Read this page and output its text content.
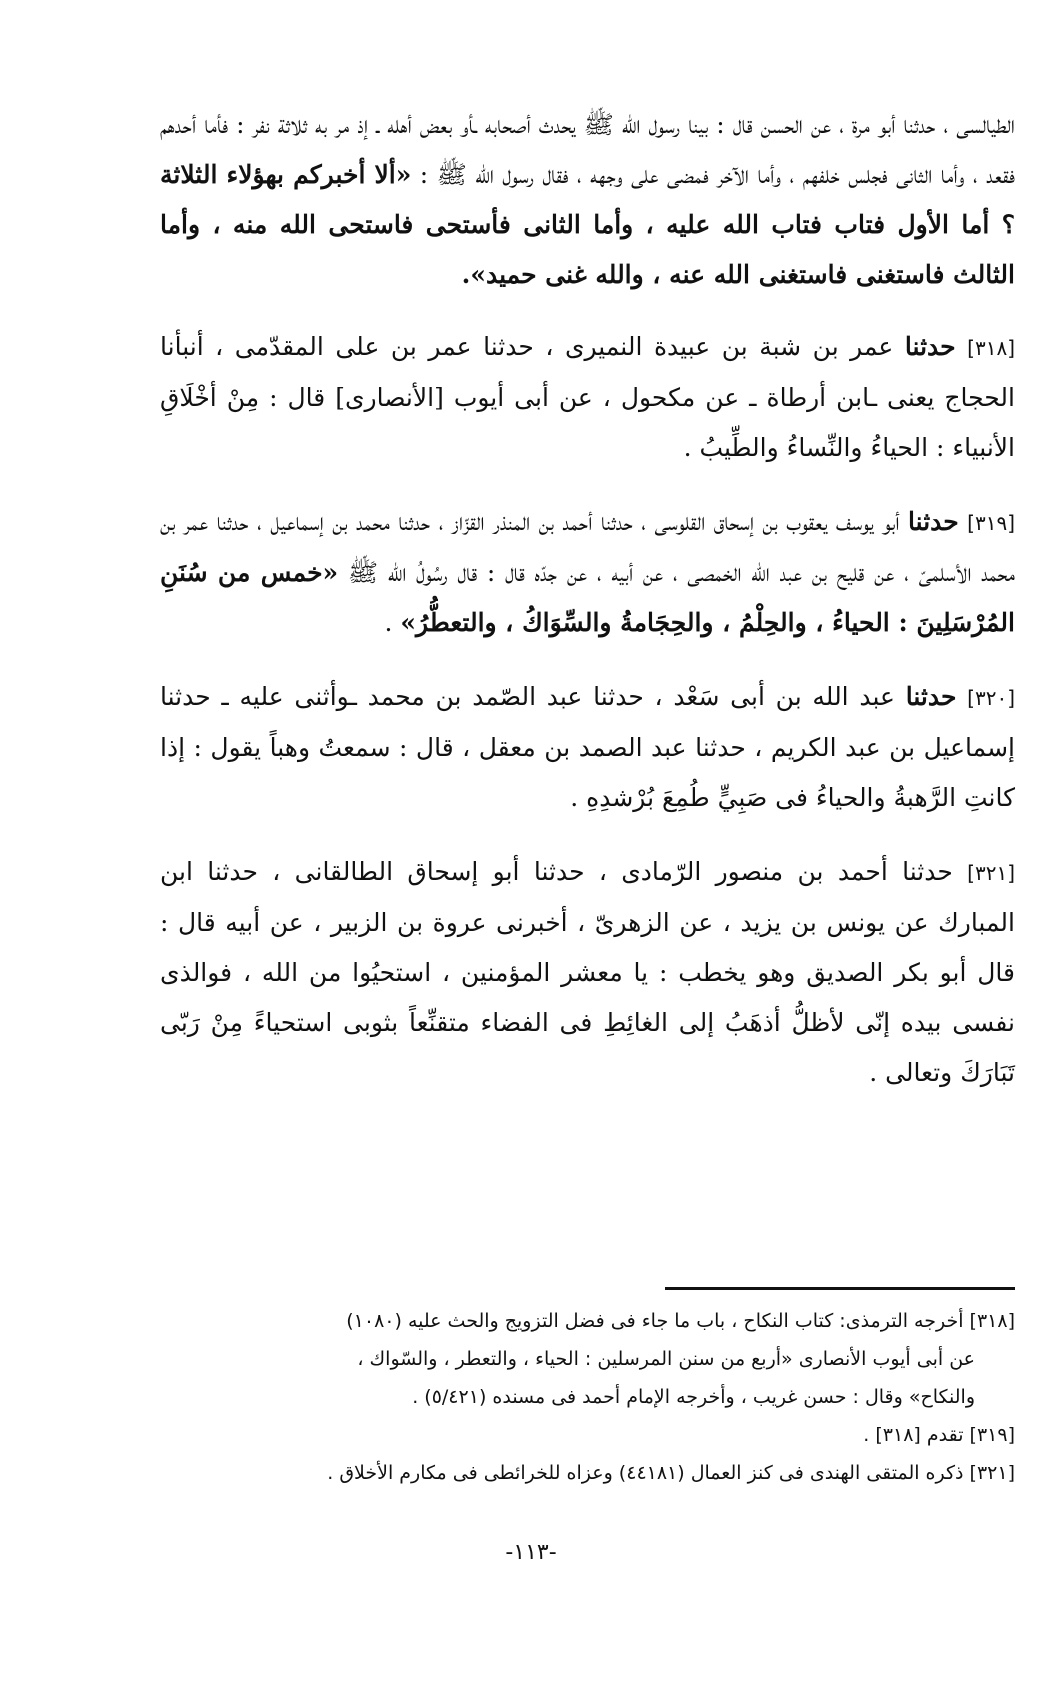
الطيالسى ، حدثنا أبو مرة ، عن الحسن قال : بينا رسول الله ﷺ يحدث أصحابه ـأو بعض أهله ـ إذ مر به ثلاثة نفر : فأما أحدهم فقعد ، وأما الثانى فجلس خلفهم ، وأما الآخر فمضى على وجهه ، فقال رسول الله ﷺ : «ألا أخبركم بهؤلاء الثلاثة ؟ أما الأول فتاب فتاب الله عليه ، وأما الثانى فأستحى فاستحى الله منه ، وأما الثالث فاستغنى فاستغنى الله عنه ، والله غنى حميد».

[٣١٨] حدثنا عمر بن شبة بن عبيدة النميرى ، حدثنا عمر بن على المقدّمى ، أنبأنا الحجاج يعنى ـابن أرطاة ـ عن مكحول ، عن أبى أيوب [الأنصارى] قال : مِنْ أخْلَاقِ الأنبياء : الحياءُ والنِّساءُ والطِّيبُ .

[٣١٩] حدثنا أبو يوسف يعقوب بن إسحاق القلوسى ، حدثنا أحمد بن المنذر القزّاز ، حدثنا محمد بن إسماعيل ، حدثنا عمر بن محمد الأسلمىّ ، عن قليح بن عبد الله الخمصى ، عن أبيه ، عن جدّه قال : قال رسُولُ الله ﷺ «خمس من سُنَنِ المُرْسَلِينَ : الحياءُ ، والحِلْمُ ، والحِجَامةُ والسِّوَاكُ ، والتعطُّرُ» .

[٣٢٠] حدثنا عبد الله بن أبى سَعْد ، حدثنا عبد الصّمد بن محمد ـوأثنى عليه ـ حدثنا إسماعيل بن عبد الكريم ، حدثنا عبد الصمد بن معقل ، قال : سمعتُ وهباً يقول : إذا كانتِ الرَّهبةُ والحياءُ فى صَبِيٍّ طُمِعَ بُرْشدِهِ .

[٣٢١] حدثنا أحمد بن منصور الرّمادى ، حدثنا أبو إسحاق الطالقانى ، حدثنا ابن المبارك عن يونس بن يزيد ، عن الزهرىّ ، أخبرنى عروة بن الزبير ، عن أبيه قال : قال أبو بكر الصديق وهو يخطب : يا معشر المؤمنين ، استحيُوا من الله ، فوالذى نفسى بيده إنّى لأظلُّ أذهَبُ إلى الغائِطِ فى الفضاء متقنِّعاً بثوبى استحياءً مِنْ رَبّى تَبَارَكَ وتعالى .

[٣١٨] أخرجه الترمذى: كتاب النكاح ، باب ما جاء فى فضل التزويج والحث عليه (١٠٨٠)

عن أبى أيوب الأنصارى «أربع من سنن المرسلين : الحياء ، والتعطر ، والسّواك ،

والنكاح» وقال : حسن غريب ، وأخرجه الإمام أحمد فى مسنده (٥/٤٢١) .

[٣١٩] تقدم [٣١٨] .

[٣٢١] ذكره المتقى الهندى فى كنز العمال (٤٤١٨١) وعزاه للخرائطى فى مكارم الأخلاق .

-١١٣-
